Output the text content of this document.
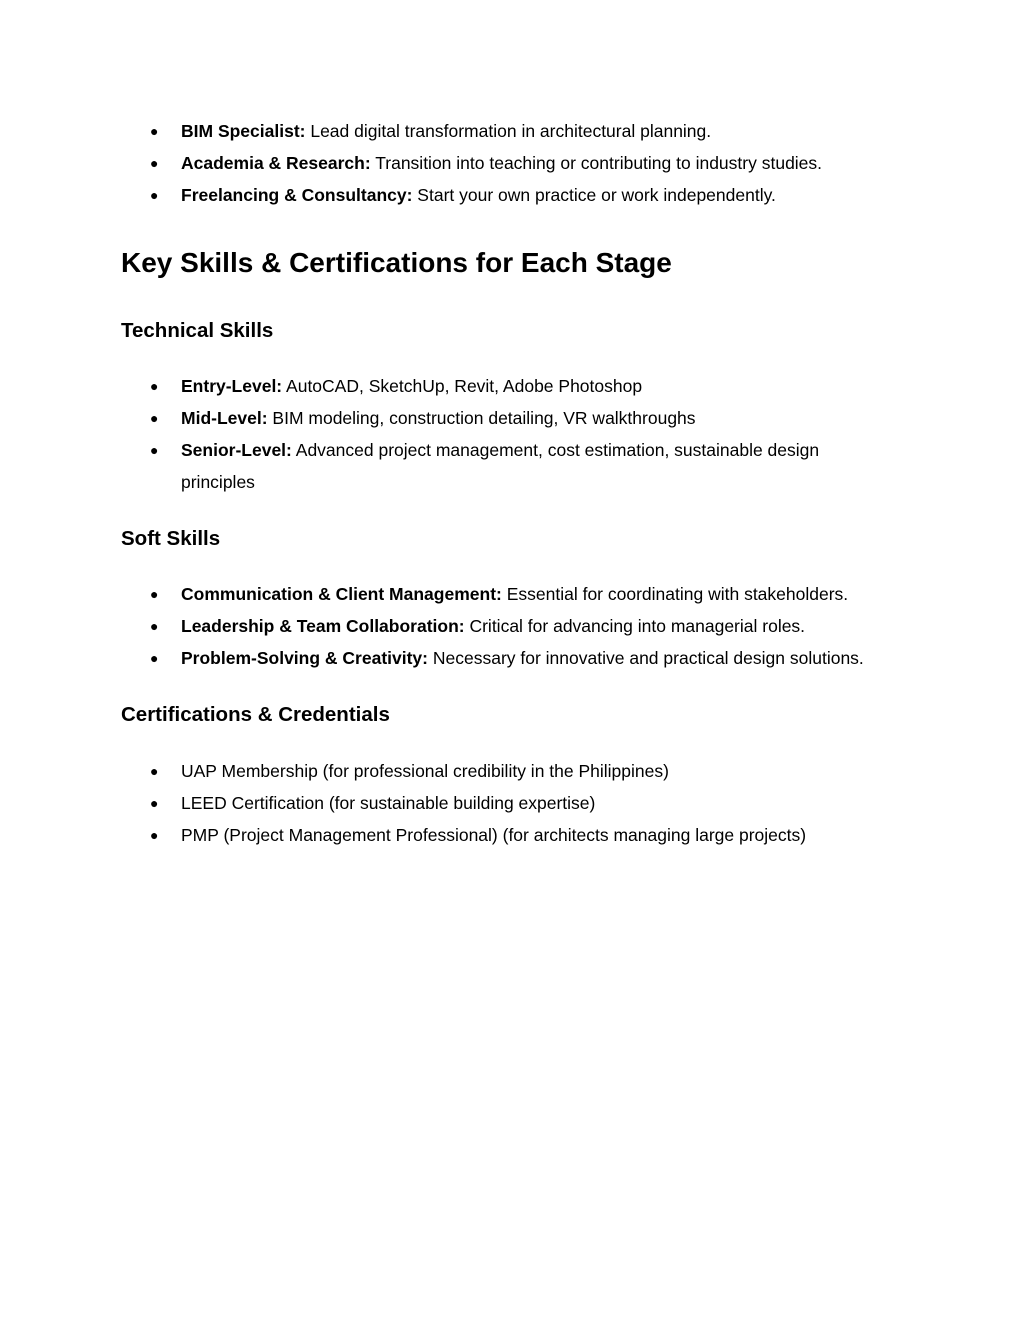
● BIM Specialist: Lead digital transformation in architectural planning.
● Academia & Research: Transition into teaching or contributing to industry studies.
● Freelancing & Consultancy: Start your own practice or work independently.
Key Skills & Certifications for Each Stage
Technical Skills
● Entry-Level: AutoCAD, SketchUp, Revit, Adobe Photoshop
● Mid-Level: BIM modeling, construction detailing, VR walkthroughs
● Senior-Level: Advanced project management, cost estimation, sustainable design principles
Soft Skills
● Communication & Client Management: Essential for coordinating with stakeholders.
● Leadership & Team Collaboration: Critical for advancing into managerial roles.
● Problem-Solving & Creativity: Necessary for innovative and practical design solutions.
Certifications & Credentials
● UAP Membership (for professional credibility in the Philippines)
● LEED Certification (for sustainable building expertise)
● PMP (Project Management Professional) (for architects managing large projects)
